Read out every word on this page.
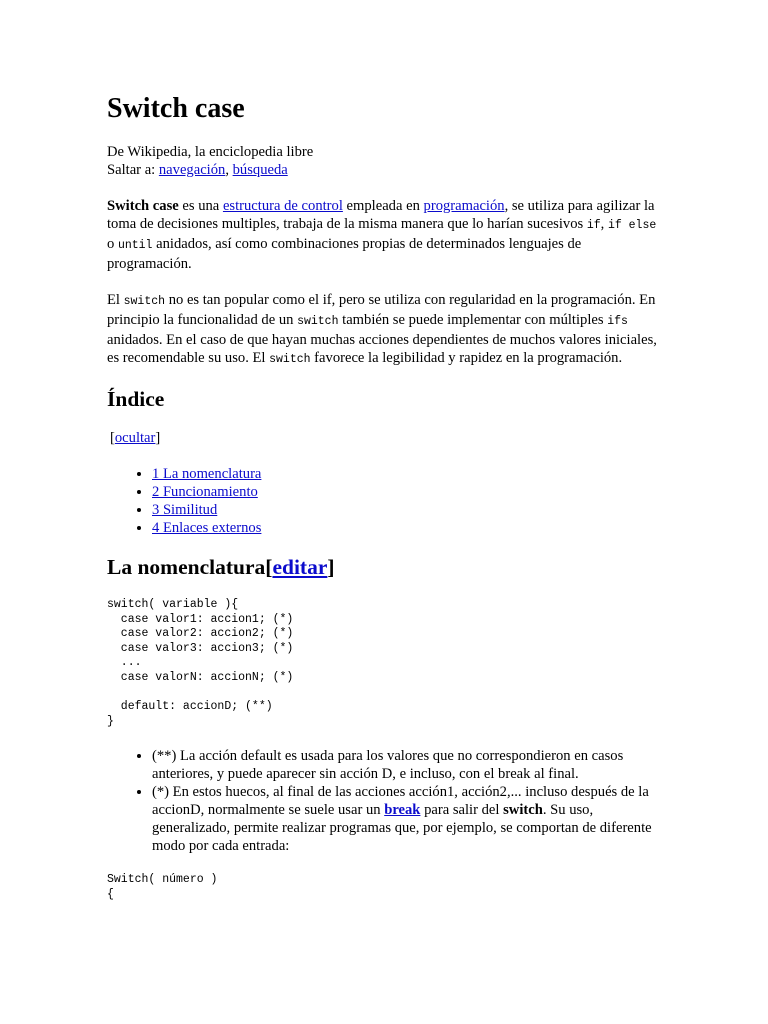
Switch case
De Wikipedia, la enciclopedia libre
Saltar a: navegación, búsqueda

Switch case es una estructura de control empleada en programación, se utiliza para agilizar la toma de decisiones multiples, trabaja de la misma manera que lo harían sucesivos if, if else o until anidados, así como combinaciones propias de determinados lenguajes de programación.

El switch no es tan popular como el if, pero se utiliza con regularidad en la programación. En principio la funcionalidad de un switch también se puede implementar con múltiples ifs anidados. En el caso de que hayan muchas acciones dependientes de muchos valores iniciales, es recomendable su uso. El switch favorece la legibilidad y rapidez en la programación.

Índice
[ocultar]
• 1 La nomenclatura
• 2 Funcionamiento
• 3 Similitud
• 4 Enlaces externos
La nomenclatura[editar]
switch( variable ){
case valor1: accion1; (*)
case valor2: accion2; (*)
case valor3: accion3; (*)
...
case valorN: accionN; (*)

default: accionD; (**)
}
• (**) La acción default es usada para los valores que no correspondieron en casos anteriores, y puede aparecer sin acción D, e incluso, con el break al final.
• (*) En estos huecos, al final de las acciones acción1, acción2,... incluso después de la accionD, normalmente se suele usar un break para salir del switch. Su uso, generalizado, permite realizar programas que, por ejemplo, se comportan de diferente modo por cada entrada:
Switch( número )
{
